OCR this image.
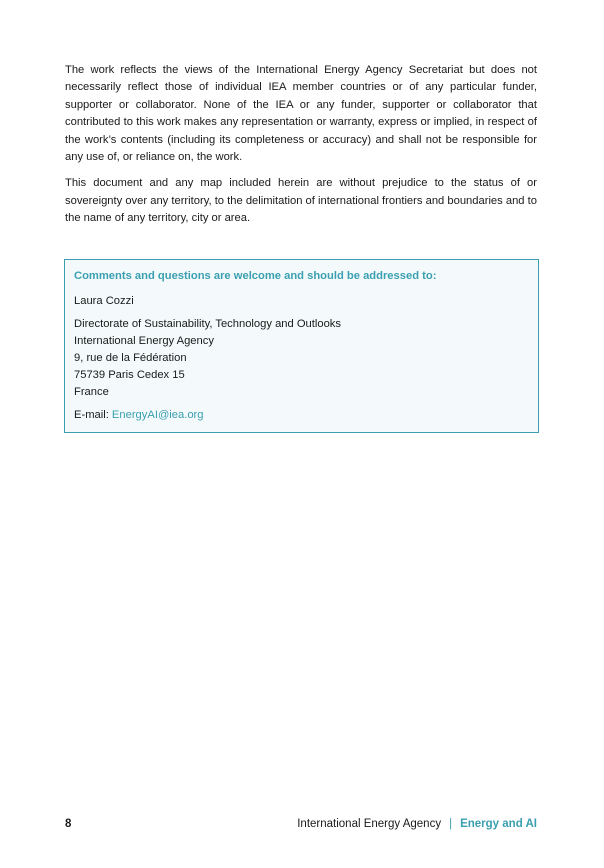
The work reflects the views of the International Energy Agency Secretariat but does not necessarily reflect those of individual IEA member countries or of any particular funder, supporter or collaborator. None of the IEA or any funder, supporter or collaborator that contributed to this work makes any representation or warranty, express or implied, in respect of the work’s contents (including its completeness or accuracy) and shall not be responsible for any use of, or reliance on, the work.

This document and any map included herein are without prejudice to the status of or sovereignty over any territory, to the delimitation of international frontiers and boundaries and to the name of any territory, city or area.

Comments and questions are welcome and should be addressed to:

Laura Cozzi

Directorate of Sustainability, Technology and Outlooks

International Energy Agency

9, rue de la Fédération

75739 Paris Cedex 15

France

E-mail: EnergyAI@iea.org

8	International Energy Agency | Energy and AI
